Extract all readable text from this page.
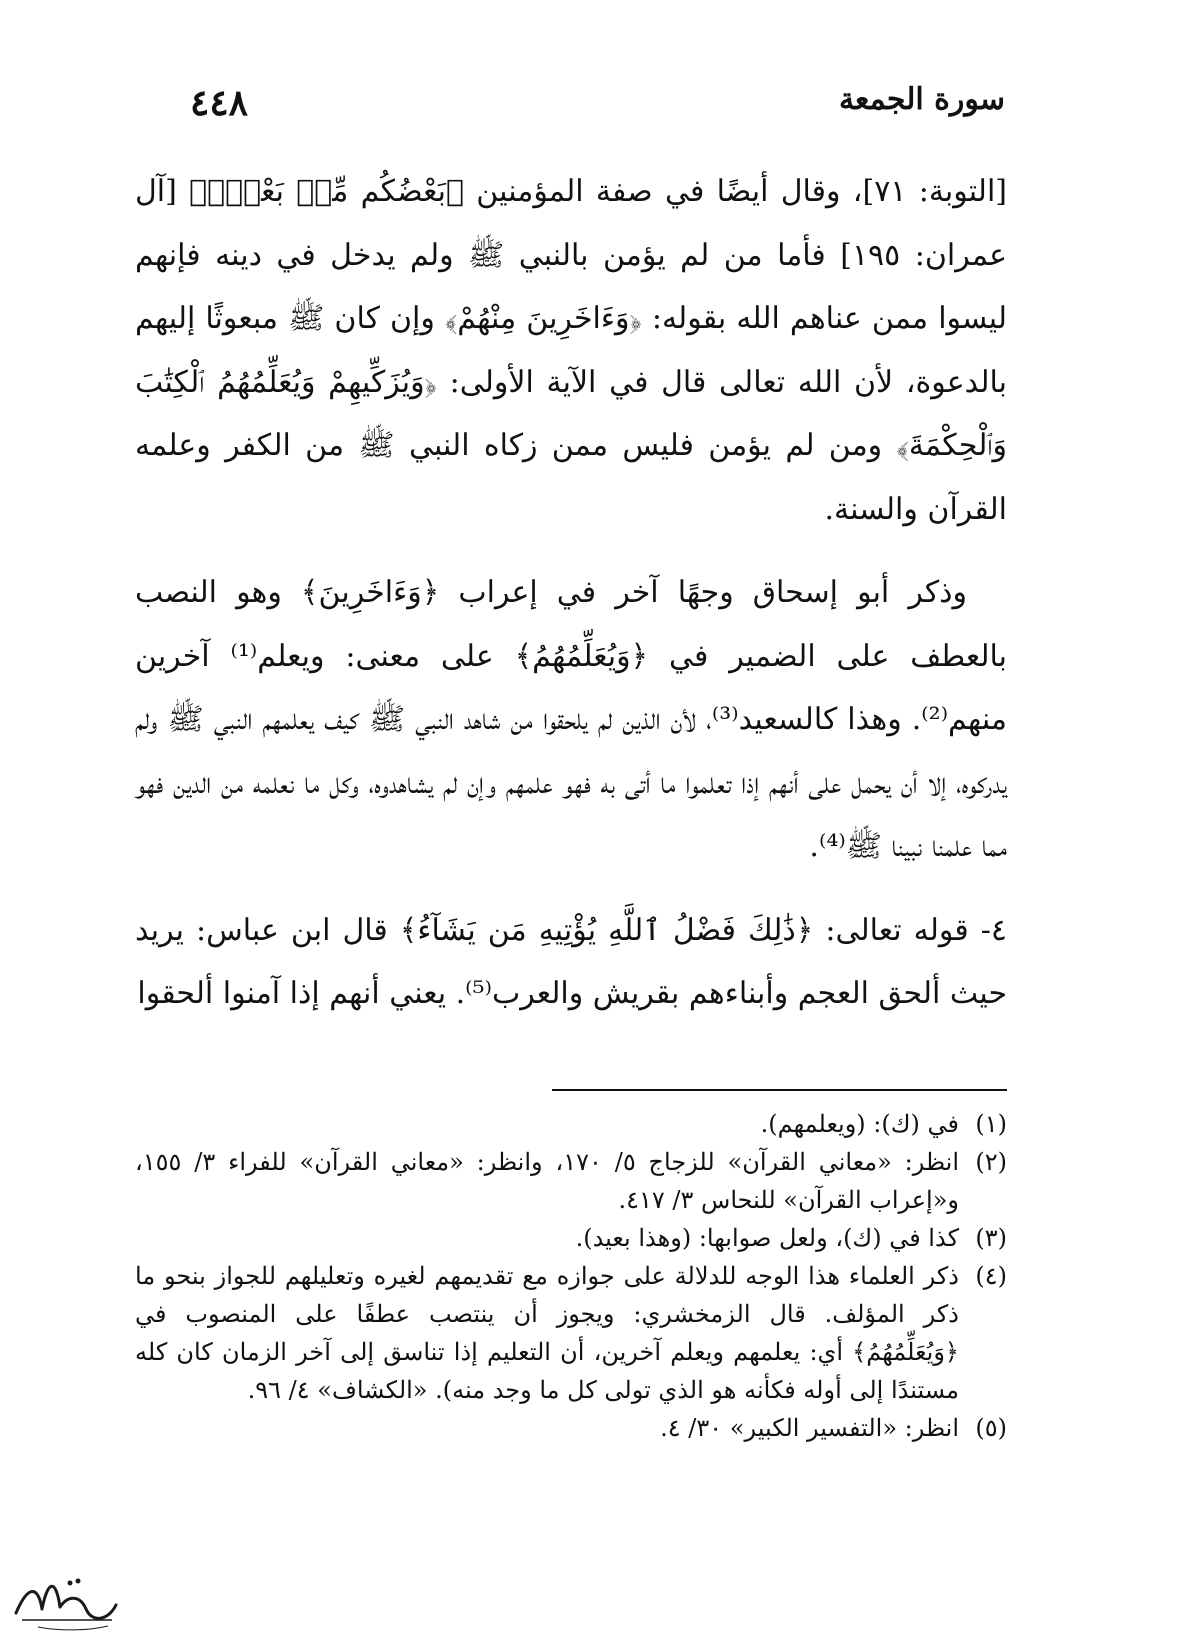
سورة الجمعة
٤٤٨

[التوبة: ٧١]، وقال أيضًا في صفة المؤمنين ﴿بَعْضُكُم مِّنۢ بَعْضٍۭ﴾ [آل عمران: ١٩٥] فأما من لم يؤمن بالنبي ﷺ ولم يدخل في دينه فإنهم ليسوا ممن عناهم الله بقوله: ﴿وَءَاخَرِينَ مِنْهُمْ﴾ وإن كان ﷺ مبعوثًا إليهم بالدعوة، لأن الله تعالى قال في الآية الأولى: ﴿وَيُزَكِّيهِمْ وَيُعَلِّمُهُمُ ٱلْكِتَٰبَ وَٱلْحِكْمَةَ﴾ ومن لم يؤمن فليس ممن زكاه النبي ﷺ من الكفر وعلمه القرآن والسنة.

وذكر أبو إسحاق وجهًا آخر في إعراب ﴿وَءَاخَرِينَ﴾ وهو النصب بالعطف على الضمير في ﴿وَيُعَلِّمُهُمُ﴾ على معنى: ويعلم⁽¹⁾ آخرين منهم⁽²⁾. وهذا كالسعيد⁽³⁾، لأن الذين لم يلحقوا من شاهد النبي ﷺ كيف يعلمهم النبي ﷺ ولم يدركوه، إلا أن يحمل على أنهم إذا تعلموا ما أتى به فهو علمهم وإن لم يشاهدوه، وكل ما نعلمه من الدين فهو مما علمنا نبينا ﷺ⁽⁴⁾.

٤- قوله تعالى: ﴿ذَٰلِكَ فَضْلُ ٱللَّهِ يُؤْتِيهِ مَن يَشَآءُ﴾ قال ابن عباس: يريد حيث ألحق العجم وأبناءهم بقريش والعرب⁽⁵⁾. يعني أنهم إذا آمنوا ألحقوا

(١)
في (ك): (ويعلمهم).
(٢)
انظر: «معاني القرآن» للزجاج ٥/ ١٧٠، وانظر: «معاني القرآن» للفراء ٣/ ١٥٥، و«إعراب القرآن» للنحاس ٣/ ٤١٧.
(٣)
كذا في (ك)، ولعل صوابها: (وهذا بعيد).
(٤)
ذكر العلماء هذا الوجه للدلالة على جوازه مع تقديمهم لغيره وتعليلهم للجواز بنحو ما ذكر المؤلف. قال الزمخشري: ويجوز أن ينتصب عطفًا على المنصوب في ﴿وَيُعَلِّمُهُمُ﴾ أي: يعلمهم ويعلم آخرين، أن التعليم إذا تناسق إلى آخر الزمان كان كله مستندًا إلى أوله فكأنه هو الذي تولى كل ما وجد منه). «الكشاف» ٤/ ٩٦.
(٥)
انظر: «التفسير الكبير» ٣٠/ ٤.
